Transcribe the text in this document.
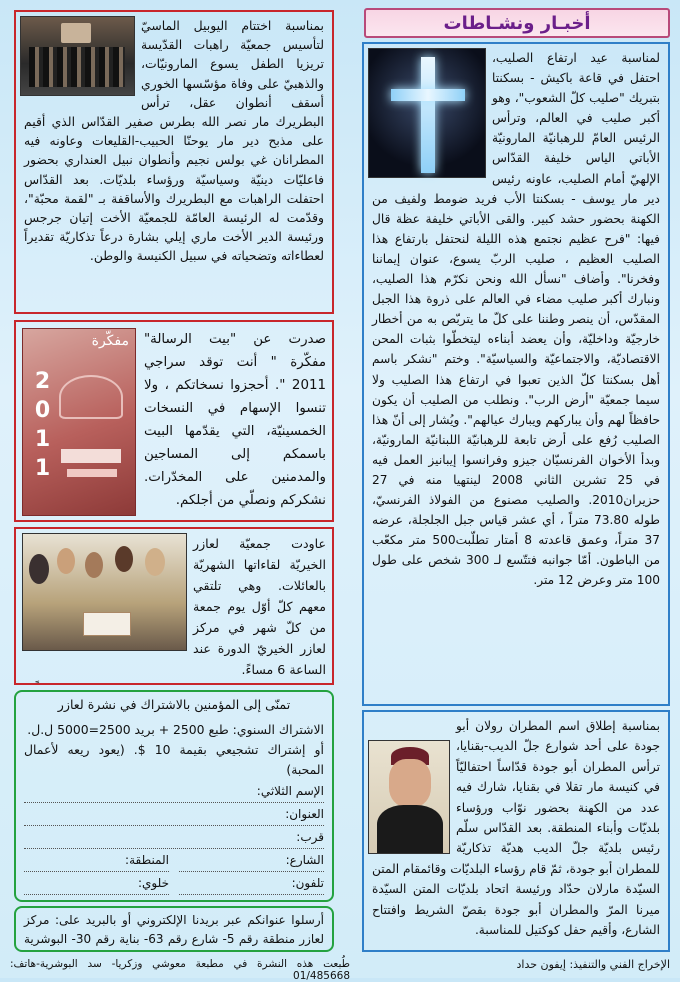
أخبـار ونشـاطات
بمناسبة اختتام اليوبيل الماسيّ لتأسيس جمعيّة راهبات القدّيسة تريزيا الطفل يسوع المارونيّات، والذهبيّ على وفاة مؤسّسها الخوري أسقف أنطوان عقل، ترأس البطريرك مار نصر الله بطرس صفير القدّاس الذي أقيم على مذبح دير مار يوحنّا الحبيب-القليعات وعاونه فيه المطرانان غي بولس نجيم وأنطوان نبيل العنداري بحضور فاعليّات دينيّة وسياسيّة ورؤساء بلديّات. بعد القدّاس احتفلت الراهبات مع البطريرك والأساقفة بـ "لقمة محبّة"، وقدّمت له الرئيسة العامّة للجمعيّة الأخت إتيان جرجس ورئيسة الدير الأخت ماري إيلي بشارة درعاً تذكاريّة تقديراً لعطاءاته وتضحياته في سبيل الكنيسة والوطن.
مفكّرة
2011
صدرت عن "بيت الرسالة" مفكّرة " أنت توقد سراجي 2011 ". أحجزوا نسخاتكم ، ولا تنسوا الإسهام في النسخات الخمسينيّة، التي يقدّمها البيت باسمكم إلى المساجين والمدمنين على المخدّرات. نشكركم ونصلّي من أجلكم.
عاودت جمعيّة لعازر الخيريّة لقاءاتها الشهريّة بالعائلات. وهي تلتقي معهم كلّ أوّل يوم جمعة من كلّ شهر في مركز لعازر الخيريّ الدورة عند الساعة 6 مساءً.
تمنّى إلى المؤمنين بالاشتراك في نشرة لعازر
الاشتراك السنوي: طبع 2500 + بريد 2500=5000 ل.ل.
أو إشتراك تشجيعي بقيمة 10 $. (يعود ريعه لأعمال المحبة)
الإسم الثلاثي:
العنوان:
قرب:
الشارع:
المنطقة:
تلفون:
خلوي:
أرسلوا عنوانكم عبر بريدنا الإلكتروني أو بالبريد على: مركز لعازر منطقة رقم 5- شارع رقم 63- بناية رقم 30- البوشرية
لمناسبة عيد ارتفاع الصليب، احتفل في قاعة باكيش - بسكنتا بتبريك "صليب كلّ الشعوب"، وهو أكبر صليب في العالم، وترأس الرئيس العامّ للرهبانيّة المارونيّة الأباتي الياس خليفة القدّاس الإلهيّ أمام الصليب، عاونه رئيس دير مار يوسف - بسكنتا الأب فريد ضومط ولفيف من الكهنة بحضور حشد كبير. والقى الأباتي خليفة عظة قال فيها: "فرح عظيم نجتمع هذه الليلة لنحتفل بارتفاع هذا الصليب العظيم ، صليب الربّ يسوع، عنوان إيماننا وفخرنا". وأضاف "نسأل الله ونحن نكرّم هذا الصليب، ونبارك أكبر صليب مضاء في العالم على ذروة هذا الجبل المقدّس، أن ينصر وطننا على كلّ ما يتربّص به من أخطار خارجيّة وداخليّة، وأن يعضد أبناءه ليتخطّوا بثبات المحن الاقتصاديّة، والاجتماعيّة والسياسيّة". وختم "نشكر باسم أهل بسكنتا كلّ الذين تعبوا في ارتفاع هذا الصليب ولا سيما جمعيّة "أرض الرب". ونطلب من الصليب أن يكون حافظاً لهم وأن يباركهم ويبارك عيالهم". ويُشار إلى أنّ هذا الصليب رُفع على أرض تابعة للرهبانيّة اللبنانيّة المارونيّة، وبدأ الأخوان الفرنسيّان جيزو وفرانسوا إيبانيز العمل فيه في 25 تشرين الثاني 2008 لينتهيا منه في 27 حزيران2010. والصليب مصنوع من الفولاذ الفرنسيّ، طوله 73.80 متراً ، أي عشر قياس جبل الجلجلة، عرضه 37 متراً، وعمق قاعدته 8 أمتار تطلّبت500 متر مكعّب من الباطون. أمّا جوانبه فتتّسع لـ 300 شخص على طول 100 متر وعرض 12 متر.
بمناسبة إطلاق اسم المطران رولان أبو جودة على أحد شوارع جلّ الديب-بقنايا، ترأس المطران أبو جودة قدّاساً احتفاليّاً في كنيسة مار تقلا في بقنايا، شارك فيه عدد من الكهنة بحضور نوّاب ورؤساء بلديّات وأبناء المنطقة. بعد القدّاس سلّم رئيس بلديّة جلّ الديب هديّة تذكاريّة للمطران أبو جودة، ثمّ قام رؤساء البلديّات وقائمقام المتن السيّدة مارلان حدّاد ورئيسة اتحاد بلديّات المتن السيّدة ميرنا المرّ والمطران أبو جودة بقصّ الشريط وافتتاح الشارع، وأقيم حفل كوكتيل للمناسبة.
الإخراج الفني والتنفيذ: إيفون حداد
طُبعت هذه النشرة في مطبعة معوشي وزكريا- سد البوشرية-هاتف: 01/485668
